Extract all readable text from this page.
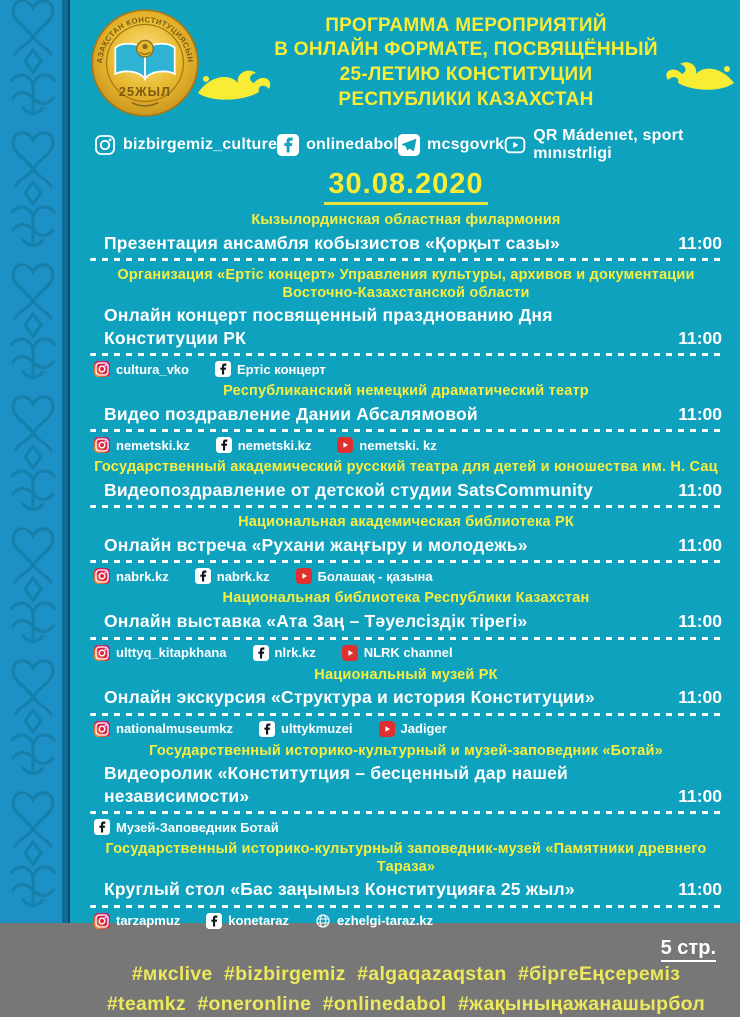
АЗАҚСТАН КОНСТИТУЦИЯСЫН
25ЖЫЛ
ПРОГРАММА МЕРОПРИЯТИЙ
В ОНЛАЙН ФОРМАТЕ, ПОСВЯЩЁННЫЙ
25-ЛЕТИЮ КОНСТИТУЦИИ
РЕСПУБЛИКИ КАЗАХСТАН
bizbirgemiz_culture onlinedabol mcsgovrk
QR Mádenıet, sport mınıstrligi
30.08.2020
Кызылординская областная филармония
Презентация ансамбля кобызистов «Қорқыт сазы»	11:00
Организация «Ертіс концерт» Управления культуры, архивов и документации Восточно-Казахстанской области
Онлайн концерт посвященный празднованию Дня Конституции РК	11:00
cultura_vko	Ертіс концерт
Республиканский немецкий драматический театр
Видео поздравление Дании Абсалямовой	11:00
nemetski.kz	nemetski.kz	nemetski. kz
Государственный академический русский театра для детей и юношества им. Н. Сац
Видеопоздравление от детской студии SatsCommunity	11:00
Национальная академическая библиотека РК
Онлайн встреча «Рухани жаңғыру и молодежь»	11:00
nabrk.kz	nabrk.kz	Болашақ - қазына
Национальная библиотека Республики Казахстан
Онлайн выставка «Ата Заң – Тәуелсіздік тірегі»	11:00
ulttyq_kitapkhana	nlrk.kz	NLRK channel
Национальный музей РК
Онлайн экскурсия «Структура и история Конституции»	11:00
nationalmuseumkz	ulttykmuzei	Jadiger
Государственный историко-культурный и музей-заповедник «Ботай»
Видеоролик «Конститутция – бесценный дар нашей независимости»	11:00
Музей-Заповедник Ботай
Государственный историко-культурный заповедник-музей «Памятники древнего Тараза»
Круглый стол «Бас заңымыз Конституцияға 25 жыл»	11:00
tarzapmuz	konetaraz	ezhelgi-taraz.kz
5 стр.
#мкclive  #bizbirgemiz  #algaqazaqstan  #біргеЕңсереміз
#teamkz  #oneronline  #onlinedabol  #жақыныңажанашырбол
